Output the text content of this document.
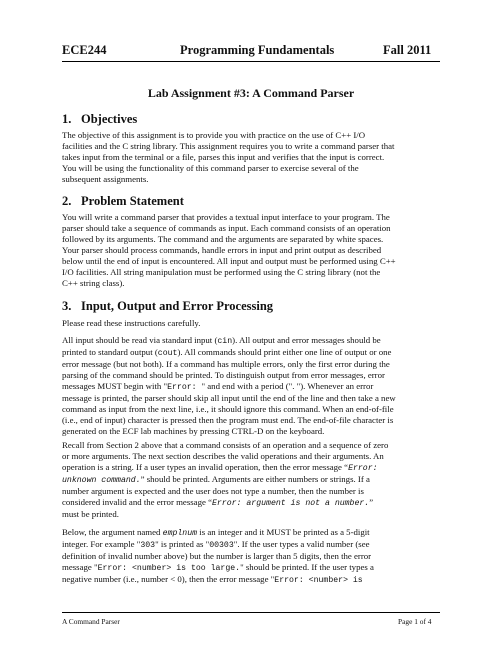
ECE244	Programming Fundamentals	Fall 2011
Lab Assignment #3: A Command Parser
1. Objectives
The objective of this assignment is to provide you with practice on the use of C++ I/O
facilities and the C string library. This assignment requires you to write a command parser that
takes input from the terminal or a file, parses this input and verifies that the input is correct.
You will be using the functionality of this command parser to exercise several of the
subsequent assignments.
2. Problem Statement
You will write a command parser that provides a textual input interface to your program. The
parser should take a sequence of commands as input. Each command consists of an operation
followed by its arguments. The command and the arguments are separated by white spaces.
Your parser should process commands, handle errors in input and print output as described
below until the end of input is encountered. All input and output must be performed using C++
I/O facilities. All string manipulation must be performed using the C string library (not the
C++ string class).
3. Input, Output and Error Processing
Please read these instructions carefully.
All input should be read via standard input (cin). All output and error messages should be
printed to standard output (cout). All commands should print either one line of output or one
error message (but not both). If a command has multiple errors, only the first error during the
parsing of the command should be printed. To distinguish output from error messages, error
messages MUST begin with "Error: " and end with a period (". "). Whenever an error
message is printed, the parser should skip all input until the end of the line and then take a new
command as input from the next line, i.e., it should ignore this command. When an end-of-file
(i.e., end of input) character is pressed then the program must end. The end-of-file character is
generated on the ECF lab machines by pressing CTRL-D on the keyboard.
Recall from Section 2 above that a command consists of an operation and a sequence of zero
or more arguments. The next section describes the valid operations and their arguments. An
operation is a string. If a user types an invalid operation, then the error message “Error:
unknown command.” should be printed. Arguments are either numbers or strings. If a
number argument is expected and the user does not type a number, then the number is
considered invalid and the error message “Error: argument is not a number.”
must be printed.
Below, the argument named emplnum is an integer and it MUST be printed as a 5-digit
integer. For example "303" is printed as "00303". If the user types a valid number (see
definition of invalid number above) but the number is larger than 5 digits, then the error
message "Error: <number> is too large." should be printed. If the user types a
negative number (i.e., number < 0), then the error message "Error: <number> is
A Command Parser	Page 1 of 4
